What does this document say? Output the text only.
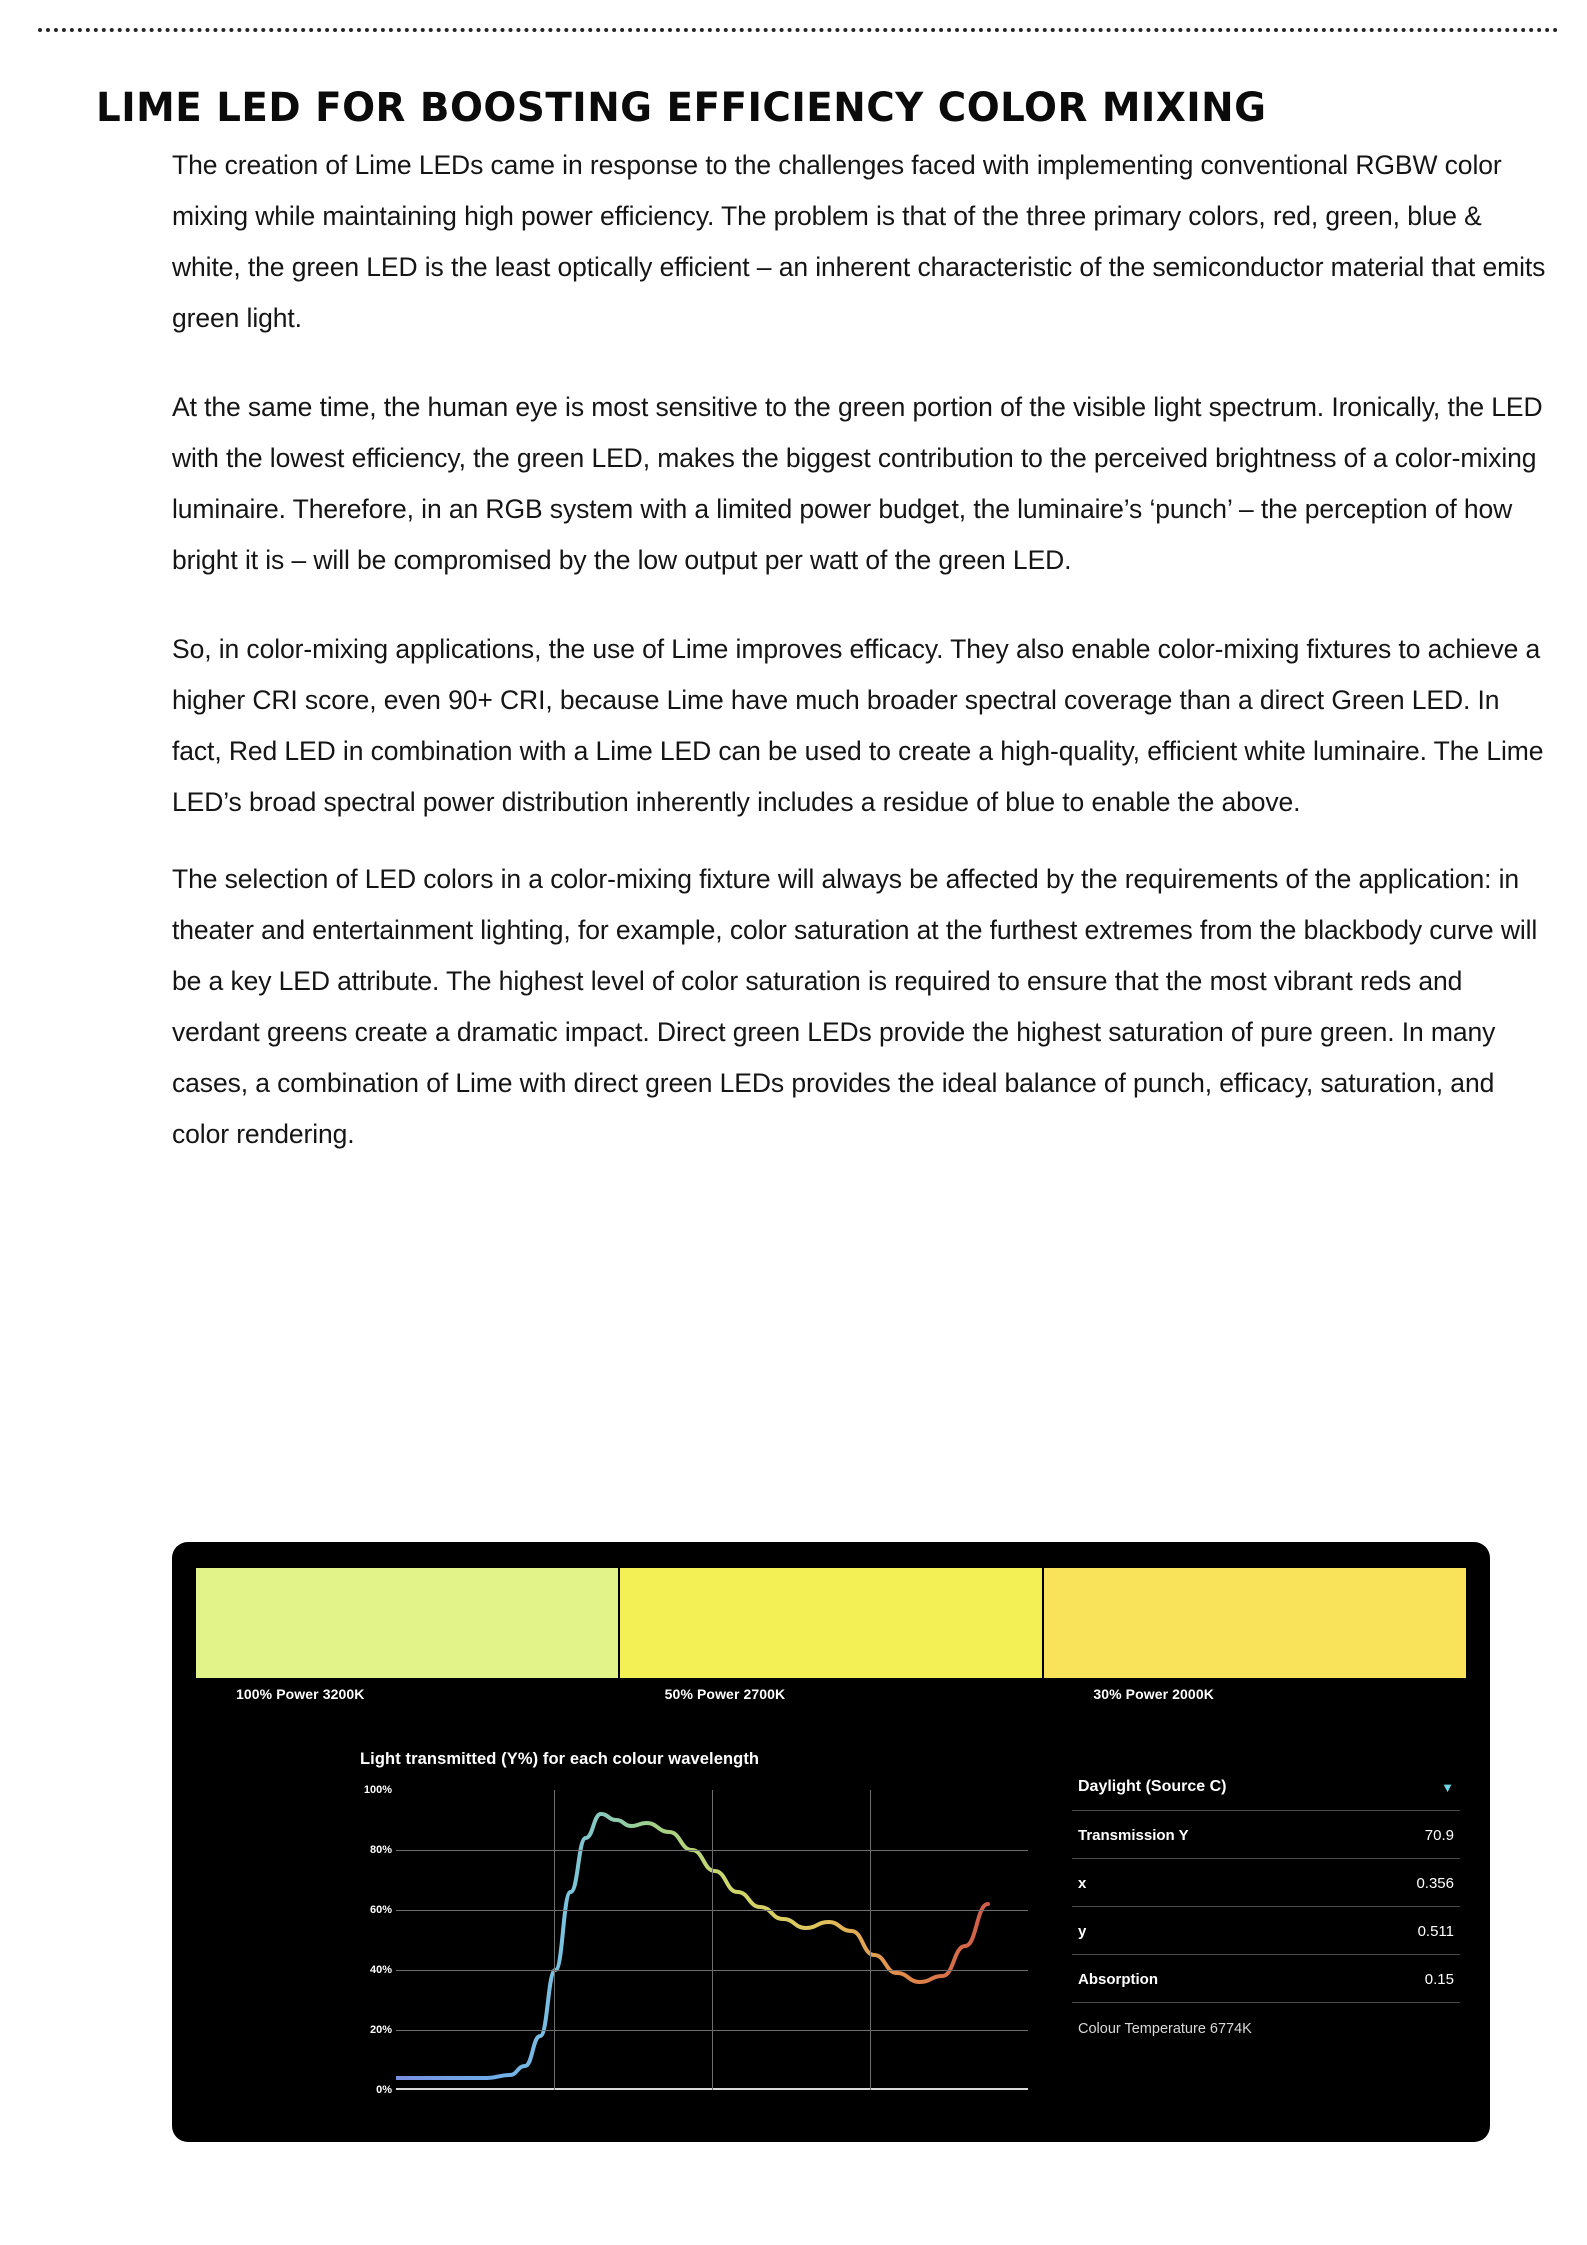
LIME LED FOR BOOSTING EFFICIENCY COLOR MIXING

The creation of Lime LEDs came in response to the challenges faced with implementing conventional RGBW color mixing while maintaining high power efficiency. The problem is that of the three primary colors, red, green, blue & white, the green LED is the least optically efficient – an inherent characteristic of the semiconductor material that emits green light.

At the same time, the human eye is most sensitive to the green portion of the visible light spectrum. Ironically, the LED with the lowest efficiency, the green LED, makes the biggest contribution to the perceived brightness of a color-mixing luminaire. Therefore, in an RGB system with a limited power budget, the luminaire’s ‘punch’ – the perception of how bright it is – will be compromised by the low output per watt of the green LED.

So, in color-mixing applications, the use of Lime improves efficacy. They also enable color-mixing fixtures to achieve a higher CRI score, even 90+ CRI, because Lime have much broader spectral coverage than a direct Green LED. In fact, Red LED in combination with a Lime LED can be used to create a high-quality, efficient white luminaire. The Lime LED’s broad spectral power distribution inherently includes a residue of blue to enable the above.

The selection of LED colors in a color-mixing fixture will always be affected by the requirements of the application: in theater and entertainment lighting, for example, color saturation at the furthest extremes from the blackbody curve will be a key LED attribute. The highest level of color saturation is required to ensure that the most vibrant reds and verdant greens create a dramatic impact. Direct green LEDs provide the highest saturation of pure green. In many cases, a combination of Lime with direct green LEDs provides the ideal balance of punch, efficacy, saturation, and color rendering.

100% Power 3200K	50% Power 2700K	30% Power 2000K
Light transmitted (Y%) for each colour wavelength
0%
20%
40%
60%
80%
100%	Daylight (Source C)	▼
Transmission Y	70.9
x	0.356
y	0.511
Absorption	0.15
Colour Temperature 6774K
